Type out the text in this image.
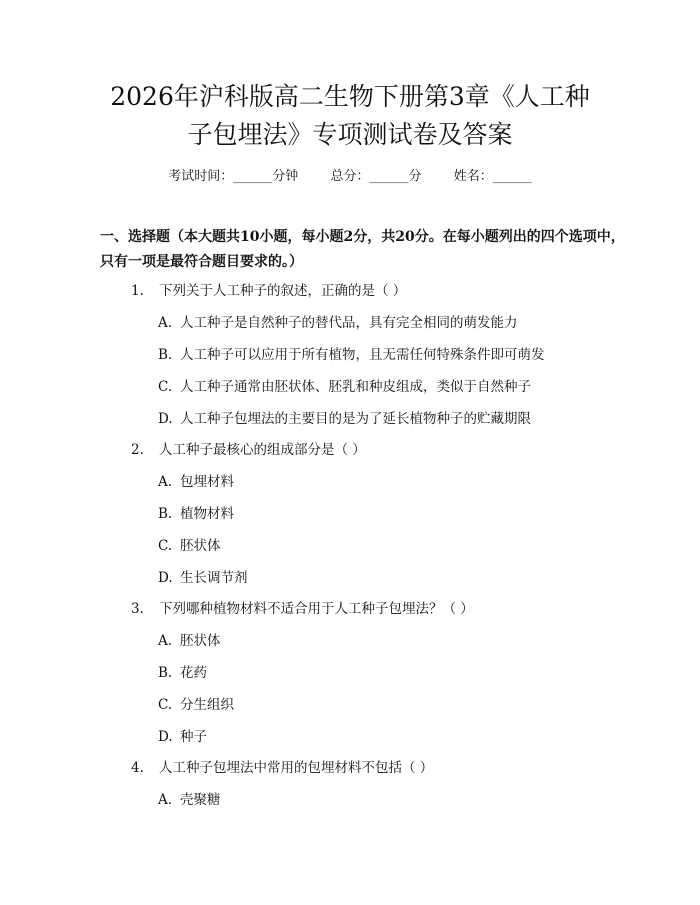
2026年沪科版高二生物下册第3章《人工种
子包埋法》专项测试卷及答案
考试时间：______分钟 总分：______分 姓名：______

一、选择题（本大题共10小题，每小题2分，共20分。在每小题列出的四个选项中，只有一项是最符合题目要求的。）

1. 下列关于人工种子的叙述，正确的是（ ）
A. 人工种子是自然种子的替代品，具有完全相同的萌发能力
B. 人工种子可以应用于所有植物，且无需任何特殊条件即可萌发
C. 人工种子通常由胚状体、胚乳和种皮组成，类似于自然种子
D. 人工种子包埋法的主要目的是为了延长植物种子的贮藏期限
2. 人工种子最核心的组成部分是（ ）
A. 包埋材料
B. 植物材料
C. 胚状体
D. 生长调节剂
3. 下列哪种植物材料不适合用于人工种子包埋法？（ ）
A. 胚状体
B. 花药
C. 分生组织
D. 种子
4. 人工种子包埋法中常用的包埋材料不包括（ ）
A. 壳聚糖
